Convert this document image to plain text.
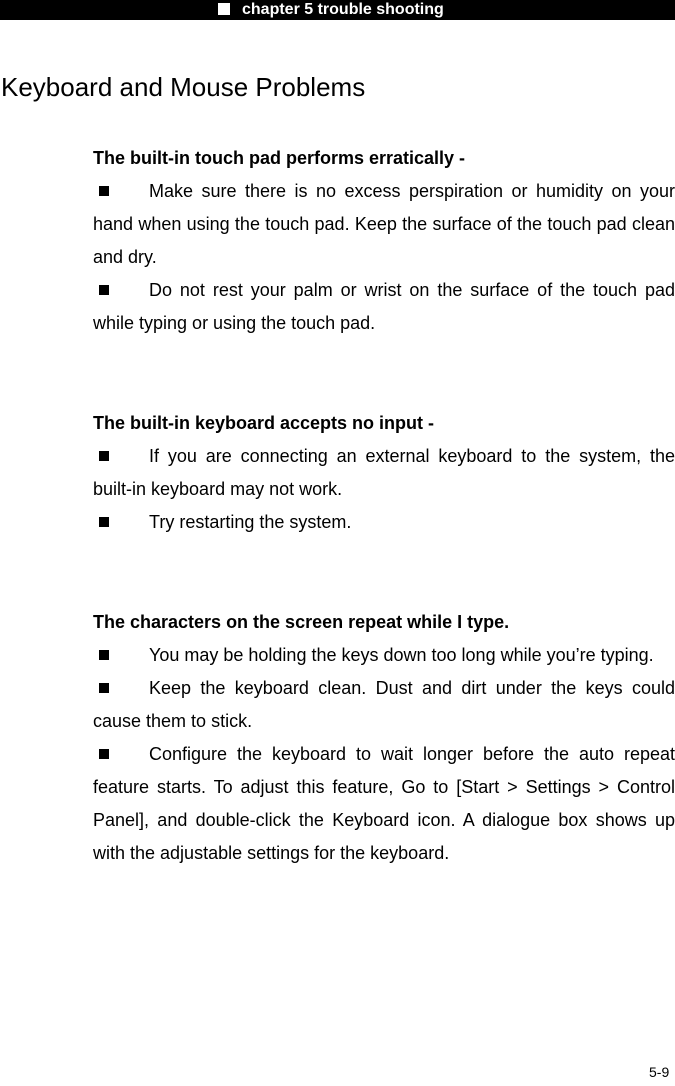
chapter 5 trouble shooting
Keyboard and Mouse Problems

The built-in touch pad performs erratically -

Make sure there is no excess perspiration or humidity on your hand when using the touch pad. Keep the surface of the touch pad clean and dry.

Do not rest your palm or wrist on the surface of the touch pad while typing or using the touch pad.

The built-in keyboard accepts no input -

If you are connecting an external keyboard to the system, the built-in keyboard may not work.

Try restarting the system.

The characters on the screen repeat while I type.

You may be holding the keys down too long while you’re typing.

Keep the keyboard clean. Dust and dirt under the keys could cause them to stick.

Configure the keyboard to wait longer before the auto repeat feature starts. To adjust this feature, Go to [Start > Settings > Control Panel], and double-click the Keyboard icon. A dialogue box shows up with the adjustable settings for the keyboard.

5-9
